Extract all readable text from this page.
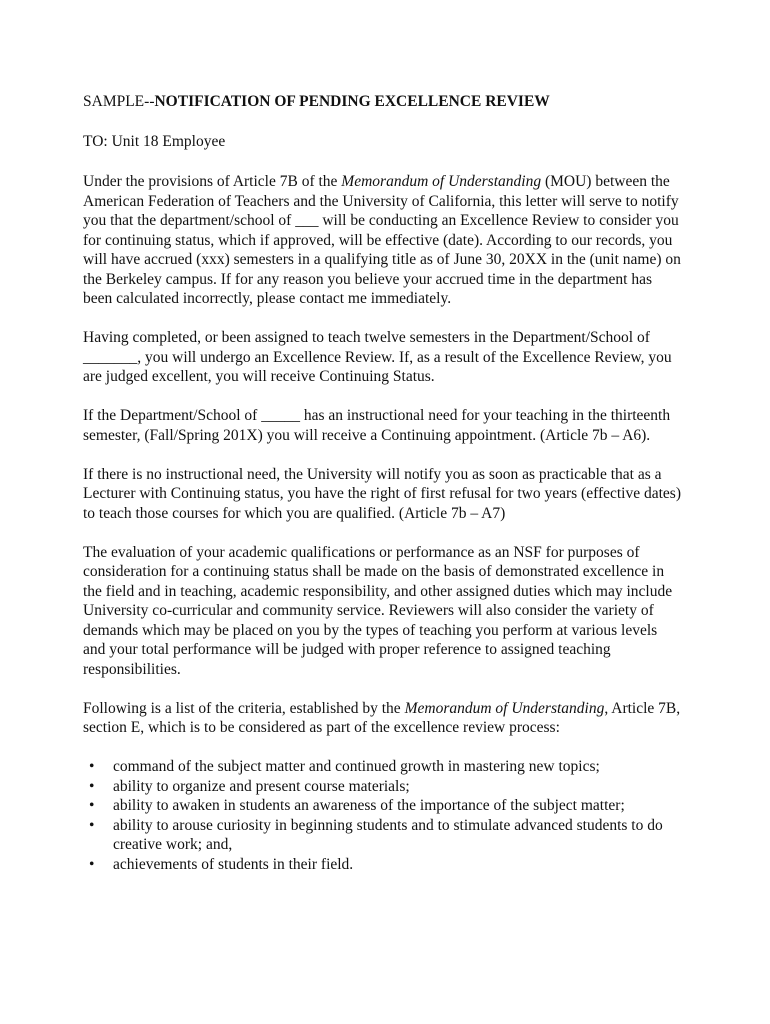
SAMPLE--NOTIFICATION OF PENDING EXCELLENCE REVIEW
TO: Unit 18 Employee

Under the provisions of Article 7B of the Memorandum of Understanding (MOU) between the American Federation of Teachers and the University of California, this letter will serve to notify you that the department/school of ___ will be conducting an Excellence Review to consider you for continuing status, which if approved, will be effective (date). According to our records, you will have accrued (xxx) semesters in a qualifying title as of June 30, 20XX in the (unit name) on the Berkeley campus. If for any reason you believe your accrued time in the department has been calculated incorrectly, please contact me immediately.

Having completed, or been assigned to teach twelve semesters in the Department/School of _______, you will undergo an Excellence Review. If, as a result of the Excellence Review, you are judged excellent, you will receive Continuing Status.

If the Department/School of _____ has an instructional need for your teaching in the thirteenth semester, (Fall/Spring 201X) you will receive a Continuing appointment. (Article 7b – A6).

If there is no instructional need, the University will notify you as soon as practicable that as a Lecturer with Continuing status, you have the right of first refusal for two years (effective dates) to teach those courses for which you are qualified. (Article 7b – A7)

The evaluation of your academic qualifications or performance as an NSF for purposes of consideration for a continuing status shall be made on the basis of demonstrated excellence in the field and in teaching, academic responsibility, and other assigned duties which may include University co-curricular and community service. Reviewers will also consider the variety of demands which may be placed on you by the types of teaching you perform at various levels and your total performance will be judged with proper reference to assigned teaching responsibilities.

Following is a list of the criteria, established by the Memorandum of Understanding, Article 7B, section E, which is to be considered as part of the excellence review process:

• command of the subject matter and continued growth in mastering new topics;
• ability to organize and present course materials;
• ability to awaken in students an awareness of the importance of the subject matter;
• ability to arouse curiosity in beginning students and to stimulate advanced students to do creative work; and,
• achievements of students in their field.
